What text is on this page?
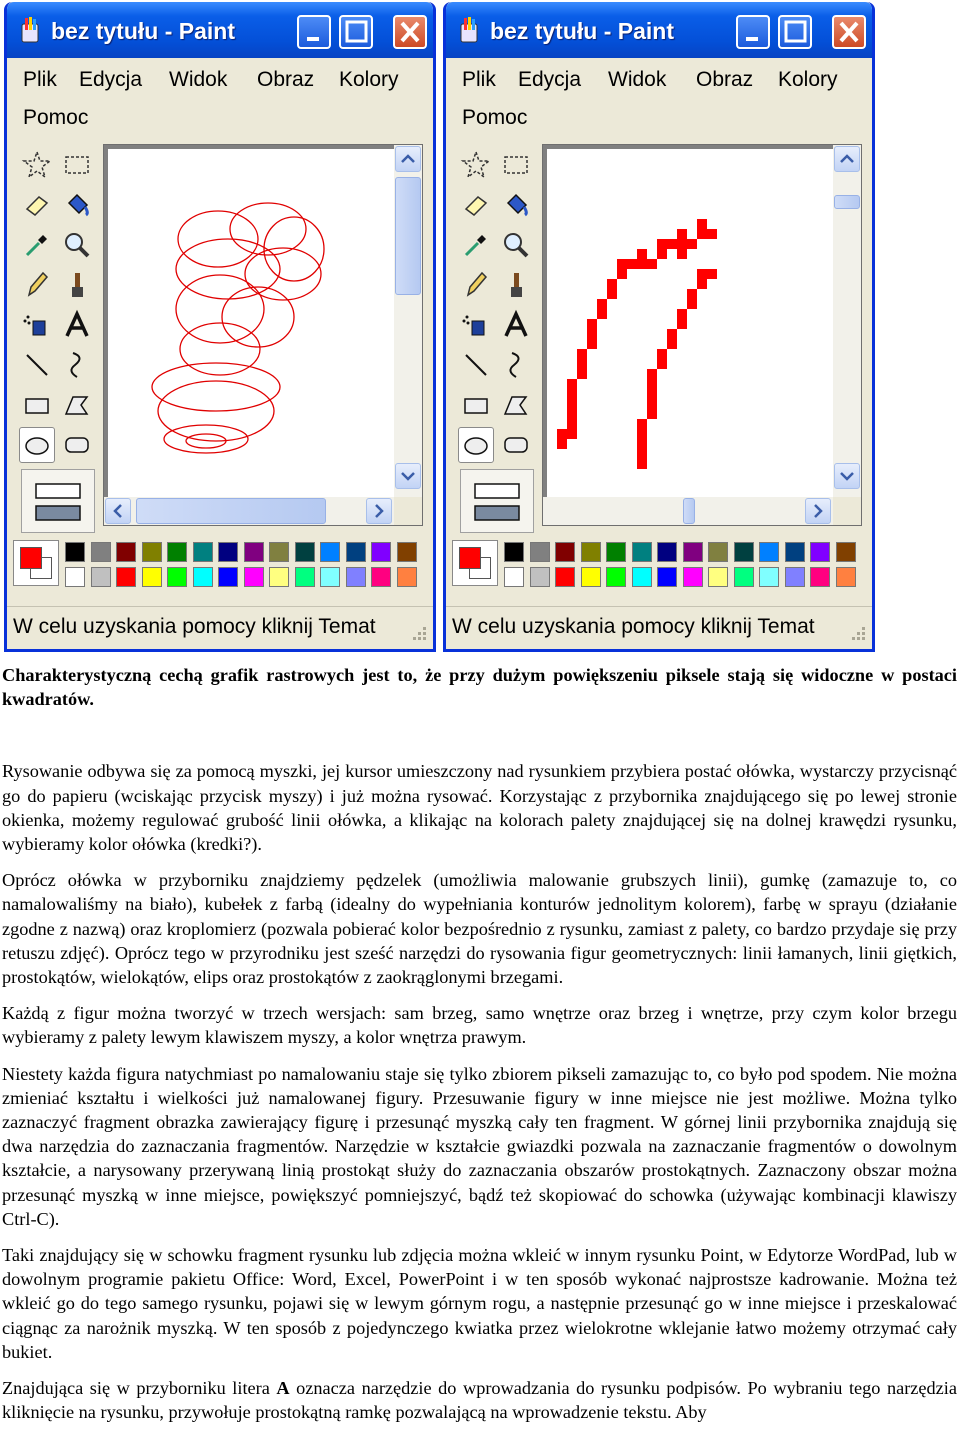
bez tytułu - Paint
Plik Edycja Widok Obraz Kolory
Pomoc
W celu uzyskania pomocy kliknij Temat
bez tytułu - Paint
Plik Edycja Widok Obraz Kolory
Pomoc
W celu uzyskania pomocy kliknij Temat

Charakterystyczną cechą grafik rastrowych jest to, że przy dużym powiększeniu piksele stają się widoczne w postaci kwadratów.

Rysowanie odbywa się za pomocą myszki, jej kursor umieszczony nad rysunkiem przybiera postać ołówka, wystarczy przycisnąć go do papieru (wciskając przycisk myszy) i już można rysować. Korzystając z przybornika znajdującego się po lewej stronie okienka, możemy regulować grubość linii ołówka, a klikając na kolorach palety znajdującej się na dolnej krawędzi rysunku, wybieramy kolor ołówka (kredki?).

Oprócz ołówka w przyborniku znajdziemy pędzelek (umożliwia malowanie grubszych linii), gumkę (zamazuje to, co namalowaliśmy na biało), kubełek z farbą (idealny do wypełniania konturów jednolitym kolorem), farbę w sprayu (działanie zgodne z nazwą) oraz kroplomierz (pozwala pobierać kolor bezpośrednio z rysunku, zamiast z palety, co bardzo przydaje się przy retuszu zdjęć). Oprócz tego w przyrodniku jest sześć narzędzi do rysowania figur geometrycznych: linii łamanych, linii giętkich, prostokątów, wielokątów, elips oraz prostokątów z zaokrąglonymi brzegami.

Każdą z figur można tworzyć w trzech wersjach: sam brzeg, samo wnętrze oraz brzeg i wnętrze, przy czym kolor brzegu wybieramy z palety lewym klawiszem myszy, a kolor wnętrza prawym.

Niestety każda figura natychmiast po namalowaniu staje się tylko zbiorem pikseli zamazując to, co było pod spodem. Nie można zmieniać kształtu i wielkości już namalowanej figury. Przesuwanie figury w inne miejsce nie jest możliwe. Można tylko zaznaczyć fragment obrazka zawierający figurę i przesunąć myszką cały ten fragment. W górnej linii przybornika znajdują się dwa narzędzia do zaznaczania fragmentów. Narzędzie w kształcie gwiazdki pozwala na zaznaczanie fragmentów o dowolnym kształcie, a narysowany przerywaną linią prostokąt służy do zaznaczania obszarów prostokątnych. Zaznaczony obszar można przesunąć myszką w inne miejsce, powiększyć pomniejszyć, bądź też skopiować do schowka (używając kombinacji klawiszy Ctrl-C).

Taki znajdujący się w schowku fragment rysunku lub zdjęcia można wkleić w innym rysunku Point, w Edytorze WordPad, lub w dowolnym programie pakietu Office: Word, Excel, PowerPoint i w ten sposób wykonać najprostsze kadrowanie. Można też wkleić go do tego samego rysunku, pojawi się w lewym górnym rogu, a następnie przesunąć go w inne miejsce i przeskalować ciągnąc za narożnik myszką. W ten sposób z pojedynczego kwiatka przez wielokrotne wklejanie łatwo możemy otrzymać cały bukiet.

Znajdująca się w przyborniku litera A oznacza narzędzie do wprowadzania do rysunku podpisów. Po wybraniu tego narzędzia kliknięcie na rysunku, przywołuje prostokątną ramkę pozwalającą na wprowadzenie tekstu. Aby
